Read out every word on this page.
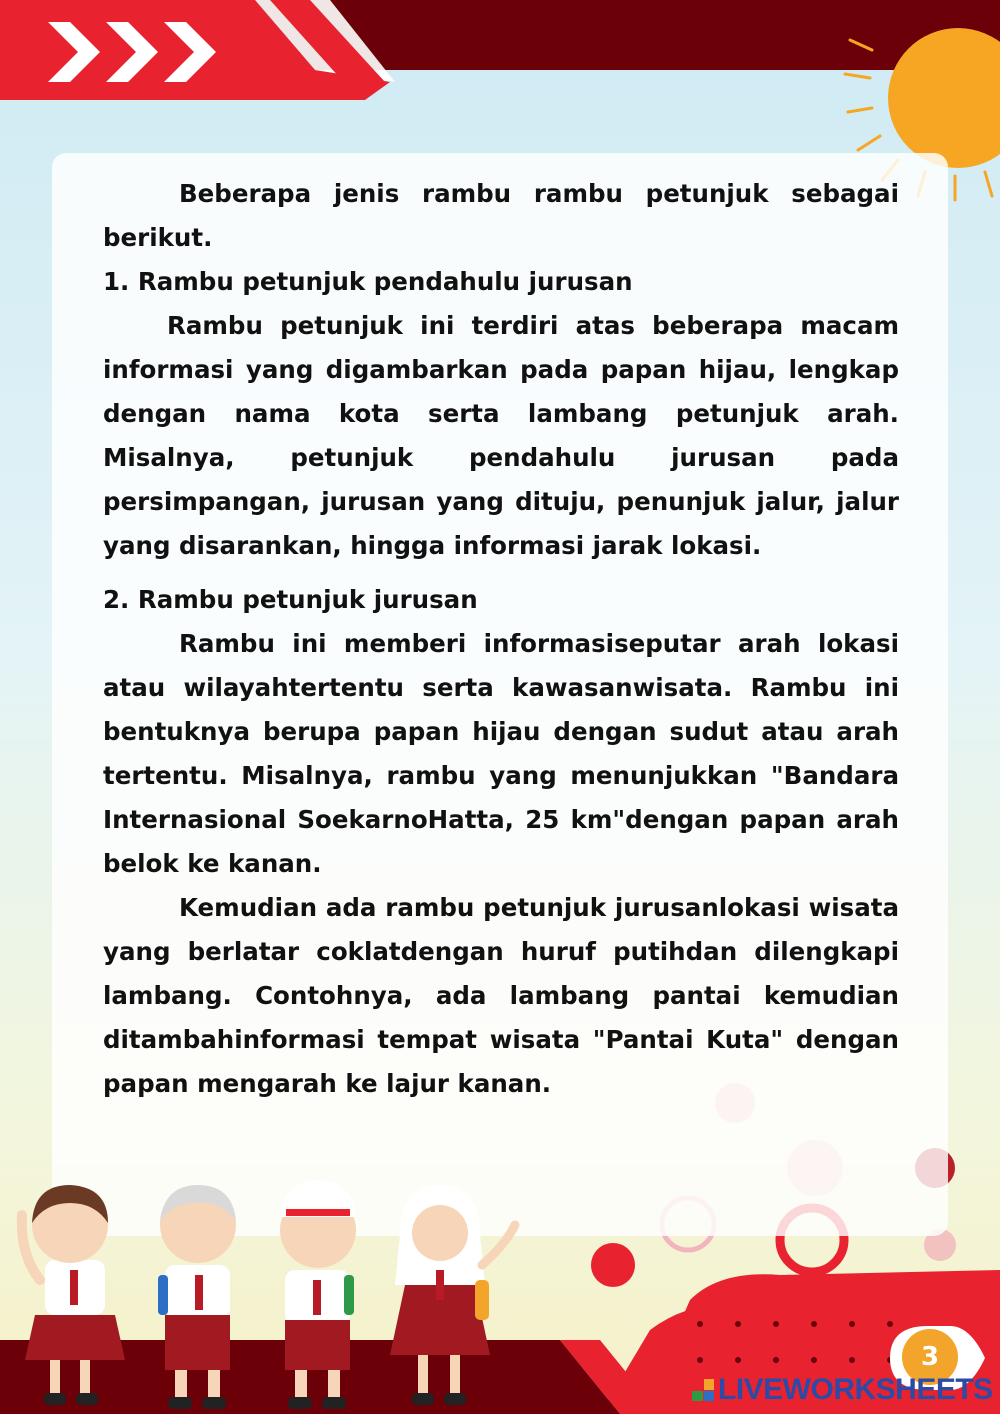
Beberapa jenis rambu rambu petunjuk sebagai berikut.

1. Rambu petunjuk pendahulu jurusan

Rambu petunjuk ini terdiri atas beberapa macam informasi yang digambarkan pada papan hijau, lengkap dengan nama kota serta lambang petunjuk arah. Misalnya, petunjuk pendahulu jurusan pada persimpangan, jurusan yang dituju, penunjuk jalur, jalur yang disarankan, hingga informasi jarak lokasi.

2. Rambu petunjuk jurusan

Rambu ini memberi informasiseputar arah lokasi atau wilayahtertentu serta kawasanwisata. Rambu ini bentuknya berupa papan hijau dengan sudut atau arah tertentu. Misalnya, rambu yang menunjukkan "Bandara Internasional SoekarnoHatta, 25 km"dengan papan arah belok ke kanan.

Kemudian ada rambu petunjuk jurusanlokasi wisata yang berlatar coklatdengan huruf putihdan dilengkapi lambang. Contohnya, ada lambang pantai kemudian ditambahinformasi tempat wisata "Pantai Kuta" dengan papan mengarah ke lajur kanan.

3
LIVEWORKSHEETS
